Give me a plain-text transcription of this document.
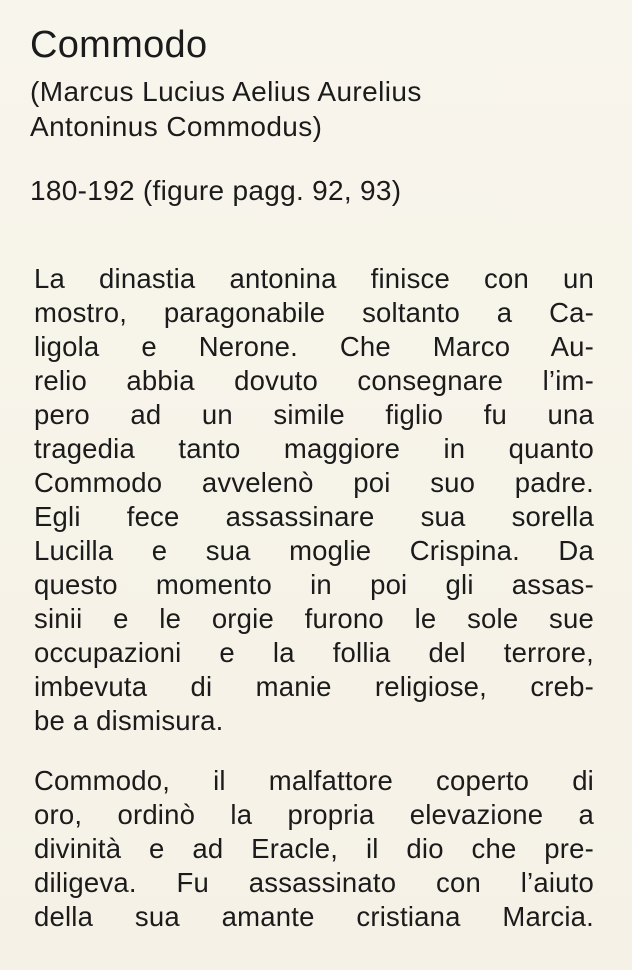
Commodo
(Marcus Lucius Aelius Aurelius
Antoninus Commodus)
180-192 (figure pagg. 92, 93)
La dinastia antonina finisce con un
mostro, paragonabile soltanto a Ca-
ligola e Nerone. Che Marco Au-
relio abbia dovuto consegnare l’im-
pero ad un simile figlio fu una
tragedia tanto maggiore in quanto
Commodo avvelenò poi suo padre.
Egli fece assassinare sua sorella
Lucilla e sua moglie Crispina. Da
questo momento in poi gli assas-
sinii e le orgie furono le sole sue
occupazioni e la follia del terrore,
imbevuta di manie religiose, creb-
be a dismisura.
Commodo, il malfattore coperto di
oro, ordinò la propria elevazione a
divinità e ad Eracle, il dio che pre-
diligeva. Fu assassinato con l’aiuto
della sua amante cristiana Marcia.
